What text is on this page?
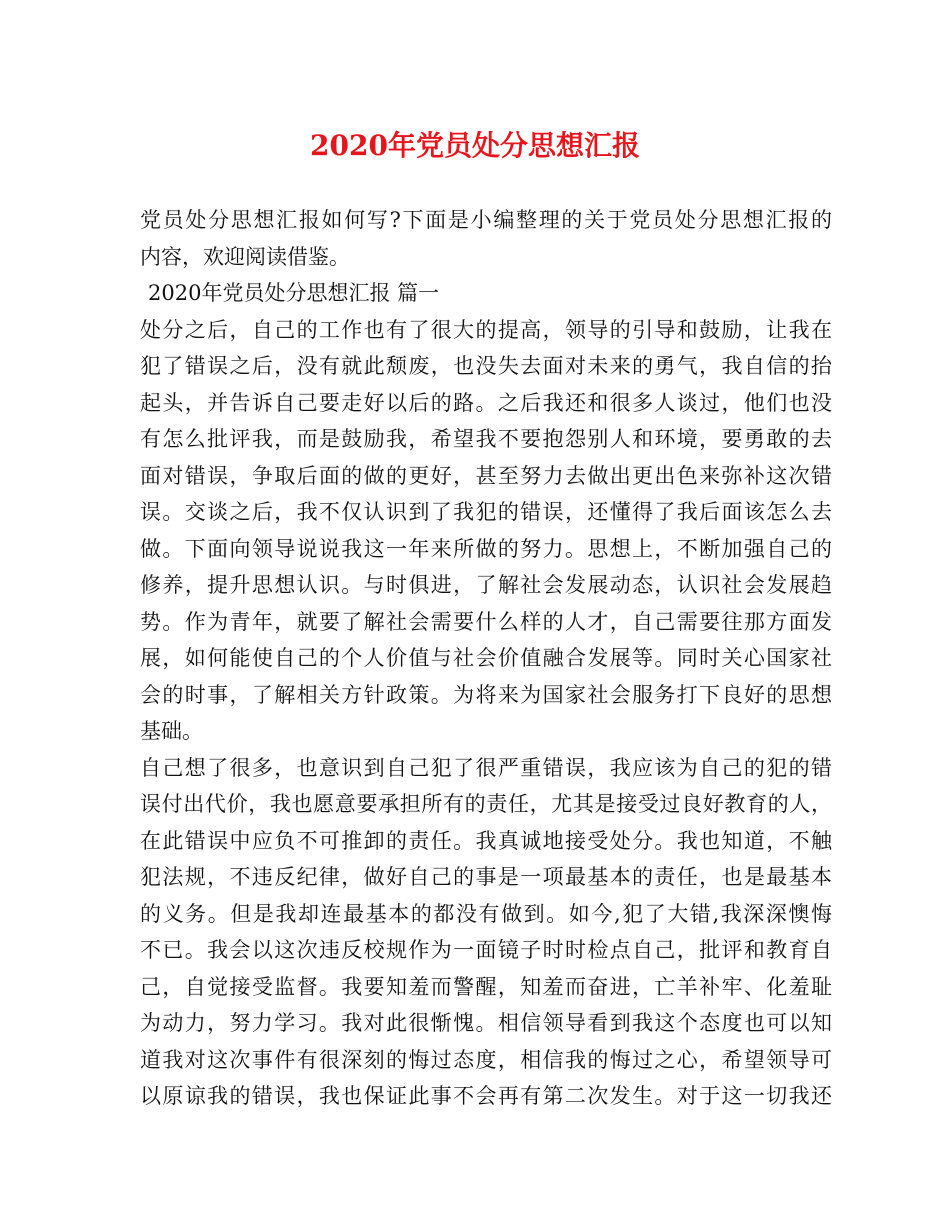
2020年党员处分思想汇报
党员处分思想汇报如何写?下面是小编整理的关于党员处分思想汇报的
内容，欢迎阅读借鉴。
2020年党员处分思想汇报 篇一
处分之后，自己的工作也有了很大的提高，领导的引导和鼓励，让我在
犯了错误之后，没有就此颓废，也没失去面对未来的勇气，我自信的抬
起头，并告诉自己要走好以后的路。之后我还和很多人谈过，他们也没
有怎么批评我，而是鼓励我，希望我不要抱怨别人和环境，要勇敢的去
面对错误，争取后面的做的更好，甚至努力去做出更出色来弥补这次错
误。交谈之后，我不仅认识到了我犯的错误，还懂得了我后面该怎么去
做。下面向领导说说我这一年来所做的努力。思想上，不断加强自己的
修养，提升思想认识。与时俱进，了解社会发展动态，认识社会发展趋
势。作为青年，就要了解社会需要什么样的人才，自己需要往那方面发
展，如何能使自己的个人价值与社会价值融合发展等。同时关心国家社
会的时事，了解相关方针政策。为将来为国家社会服务打下良好的思想
基础。
自己想了很多，也意识到自己犯了很严重错误，我应该为自己的犯的错
误付出代价，我也愿意要承担所有的责任，尤其是接受过良好教育的人，
在此错误中应负不可推卸的责任。我真诚地接受处分。我也知道，不触
犯法规，不违反纪律，做好自己的事是一项最基本的责任，也是最基本
的义务。但是我却连最基本的都没有做到。如今,犯了大错,我深深懊悔
不已。我会以这次违反校规作为一面镜子时时检点自己，批评和教育自
己，自觉接受监督。我要知羞而警醒，知羞而奋进，亡羊补牢、化羞耻
为动力，努力学习。我对此很惭愧。相信领导看到我这个态度也可以知
道我对这次事件有很深刻的悔过态度，相信我的悔过之心，希望领导可
以原谅我的错误，我也保证此事不会再有第二次发生。对于这一切我还
